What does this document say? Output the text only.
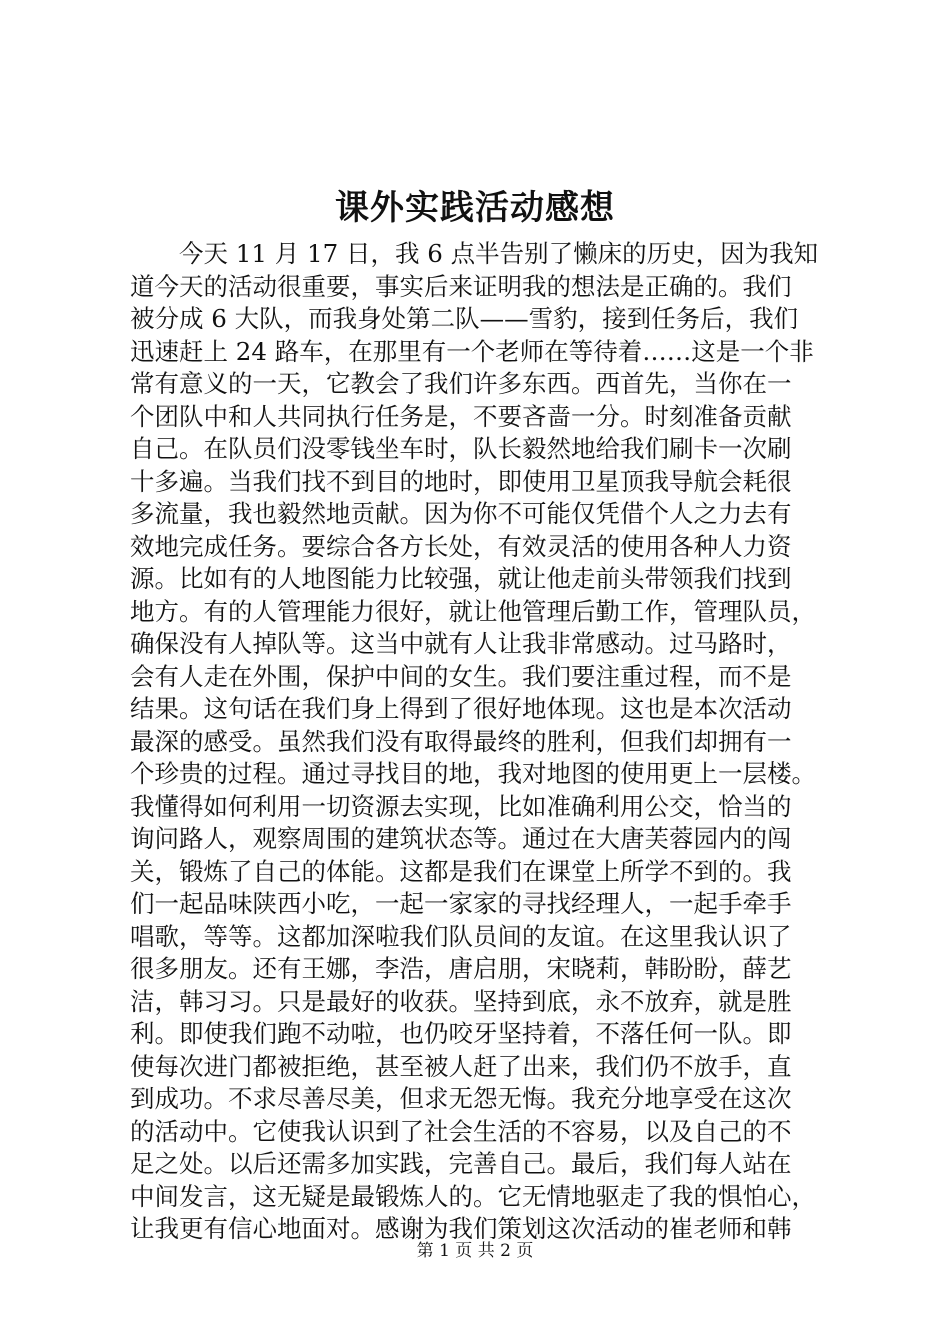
课外实践活动感想
　　今天 11 月 17 日，我 6 点半告别了懒床的历史，因为我知
道今天的活动很重要，事实后来证明我的想法是正确的。我们
被分成 6 大队，而我身处第二队——雪豹，接到任务后，我们
迅速赶上 24 路车，在那里有一个老师在等待着……这是一个非
常有意义的一天，它教会了我们许多东西。西首先，当你在一
个团队中和人共同执行任务是，不要吝啬一分。时刻准备贡献
自己。在队员们没零钱坐车时，队长毅然地给我们刷卡一次刷
十多遍。当我们找不到目的地时，即使用卫星顶我导航会耗很
多流量，我也毅然地贡献。因为你不可能仅凭借个人之力去有
效地完成任务。要综合各方长处，有效灵活的使用各种人力资
源。比如有的人地图能力比较强，就让他走前头带领我们找到
地方。有的人管理能力很好，就让他管理后勤工作，管理队员，
确保没有人掉队等。这当中就有人让我非常感动。过马路时，
会有人走在外围，保护中间的女生。我们要注重过程，而不是
结果。这句话在我们身上得到了很好地体现。这也是本次活动
最深的感受。虽然我们没有取得最终的胜利，但我们却拥有一
个珍贵的过程。通过寻找目的地，我对地图的使用更上一层楼。
我懂得如何利用一切资源去实现，比如准确利用公交，恰当的
询问路人，观察周围的建筑状态等。通过在大唐芙蓉园内的闯
关，锻炼了自己的体能。这都是我们在课堂上所学不到的。我
们一起品味陕西小吃，一起一家家的寻找经理人，一起手牵手
唱歌，等等。这都加深啦我们队员间的友谊。在这里我认识了
很多朋友。还有王娜，李浩，唐启朋，宋晓莉，韩盼盼，薛艺
洁，韩习习。只是最好的收获。坚持到底，永不放弃，就是胜
利。即使我们跑不动啦，也仍咬牙坚持着，不落任何一队。即
使每次进门都被拒绝，甚至被人赶了出来，我们仍不放手，直
到成功。不求尽善尽美，但求无怨无悔。我充分地享受在这次
的活动中。它使我认识到了社会生活的不容易，以及自己的不
足之处。以后还需多加实践，完善自己。最后，我们每人站在
中间发言，这无疑是最锻炼人的。它无情地驱走了我的惧怕心，
让我更有信心地面对。感谢为我们策划这次活动的崔老师和韩
第 1 页 共 2 页
